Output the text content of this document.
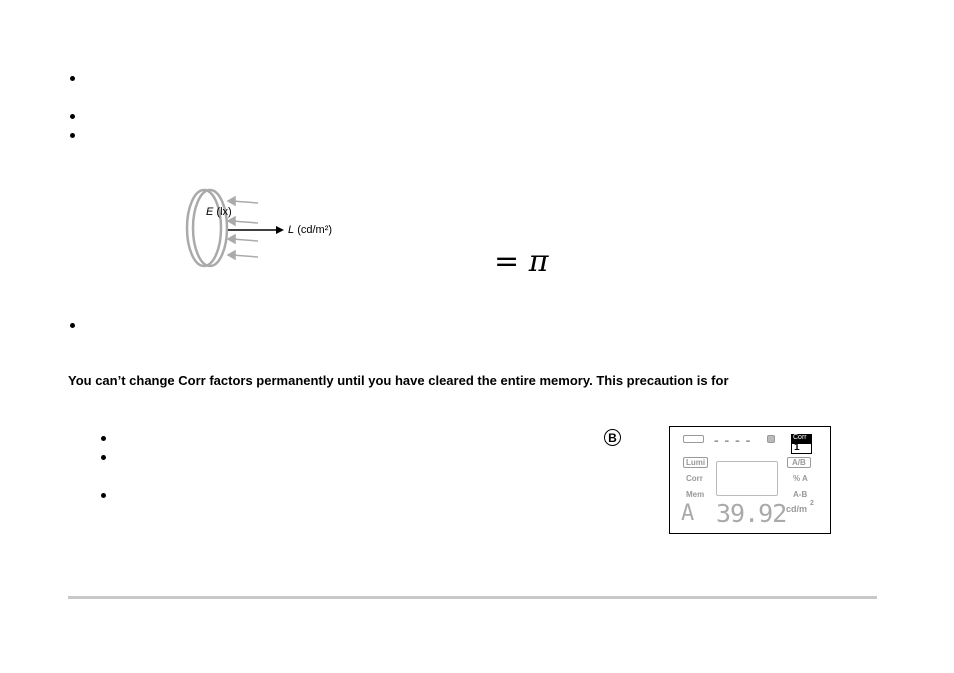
E (lx)
L (cd/m²)
= π
You can’t change Corr factors permanently until you have cleared the entire memory. This precaution is for
B	- - - -	Corr
1
Lumi	A/B
Corr	% A
Mem	A-B
A 39.92 cd/m
2
